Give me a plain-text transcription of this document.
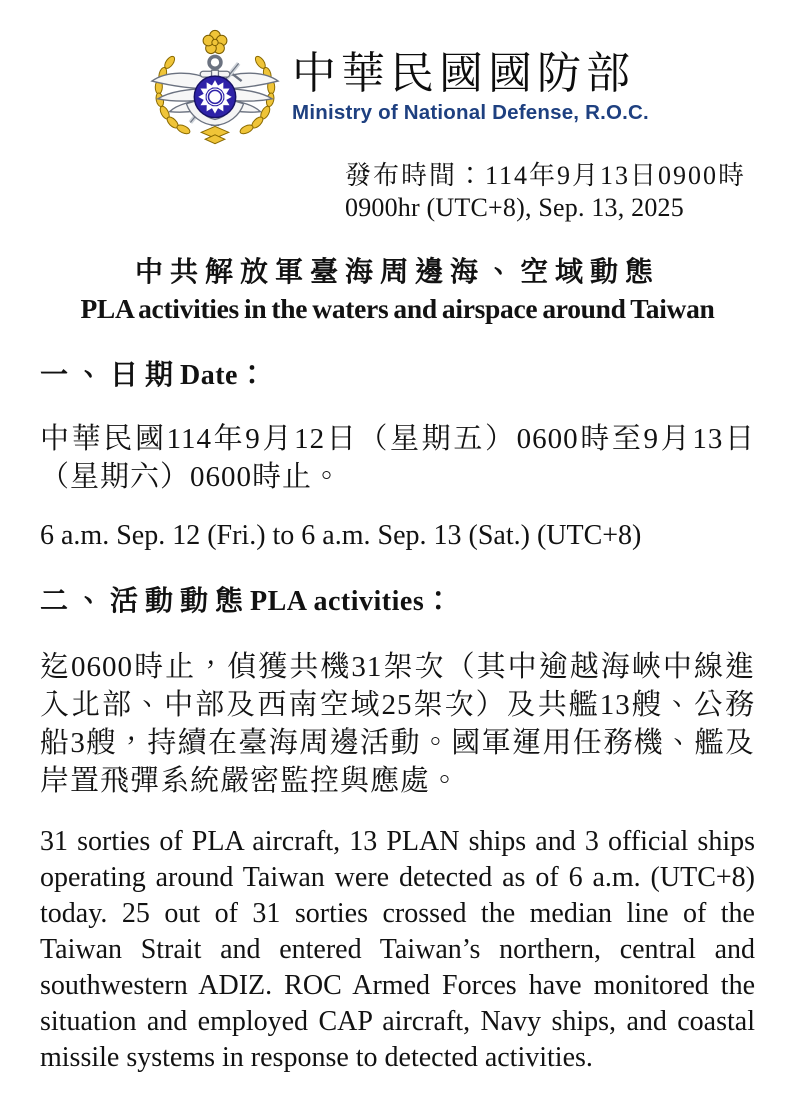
中華民國國防部
Ministry of National Defense, R.O.C.
發布時間：114年9月13日0900時
0900hr (UTC+8), Sep. 13, 2025
中共解放軍臺海周邊海、空域動態
PLA activities in the waters and airspace around Taiwan
一、日期Date：
中華民國114年9月12日（星期五）0600時至9月13日（星期六）0600時止。
6 a.m. Sep. 12 (Fri.) to 6 a.m. Sep. 13 (Sat.) (UTC+8)
二、活動動態PLA activities：
迄0600時止，偵獲共機31架次（其中逾越海峽中線進入北部、中部及西南空域25架次）及共艦13艘、公務船3艘，持續在臺海周邊活動。國軍運用任務機、艦及岸置飛彈系統嚴密監控與應處。
31 sorties of PLA aircraft, 13 PLAN ships and 3 official ships operating around Taiwan were detected as of 6 a.m. (UTC+8) today. 25 out of 31 sorties crossed the median line of the Taiwan Strait and entered Taiwan’s northern, central and southwestern ADIZ. ROC Armed Forces have monitored the situation and employed CAP aircraft, Navy ships, and coastal missile systems in response to detected activities.
